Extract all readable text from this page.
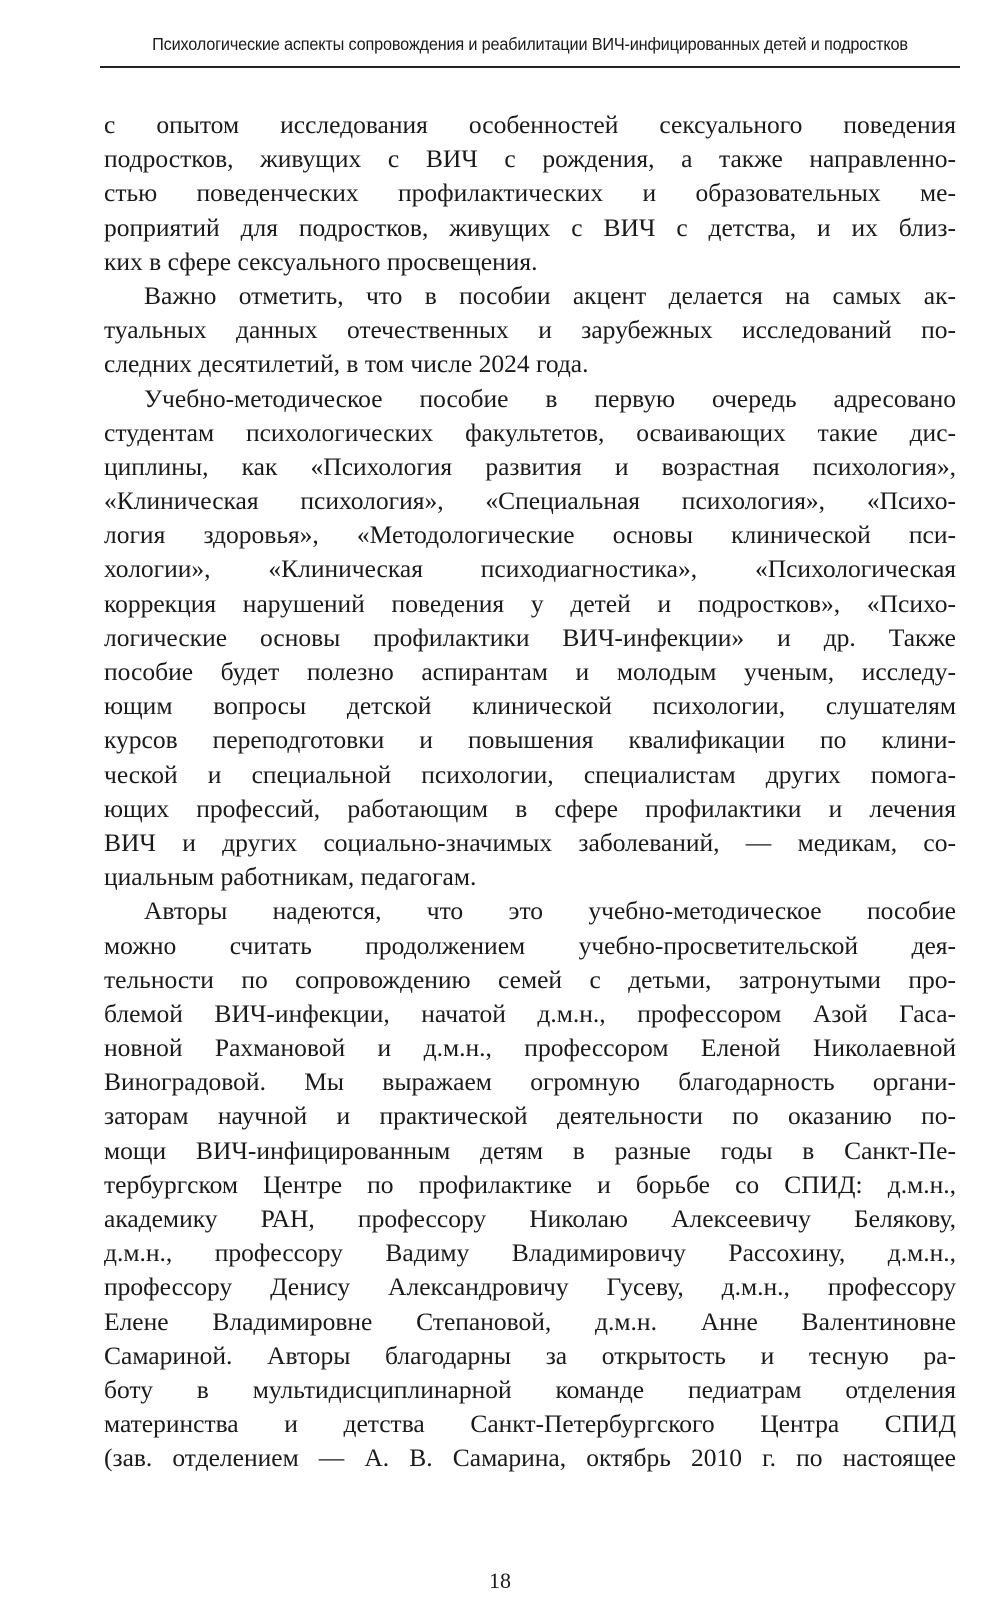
Психологические аспекты сопровождения и реабилитации ВИЧ-инфицированных детей и подростков
с опытом исследования особенностей сексуального поведения
подростков, живущих с ВИЧ с рождения, а также направленно-
стью поведенческих профилактических и образовательных ме-
роприятий для подростков, живущих с ВИЧ с детства, и их близ-
ких в сфере сексуального просвещения.
Важно отметить, что в пособии акцент делается на самых ак-
туальных данных отечественных и зарубежных исследований по-
следних десятилетий, в том числе 2024 года.
Учебно-методическое пособие в первую очередь адресовано
студентам психологических факультетов, осваивающих такие дис-
циплины, как «Психология развития и возрастная психология»,
«Клиническая психология», «Специальная психология», «Психо-
логия здоровья», «Методологические основы клинической пси-
хологии», «Клиническая психодиагностика», «Психологическая
коррекция нарушений поведения у детей и подростков», «Психо-
логические основы профилактики ВИЧ-инфекции» и др. Также
пособие будет полезно аспирантам и молодым ученым, исследу-
ющим вопросы детской клинической психологии, слушателям
курсов переподготовки и повышения квалификации по клини-
ческой и специальной психологии, специалистам других помога-
ющих профессий, работающим в сфере профилактики и лечения
ВИЧ и других социально-значимых заболеваний, — медикам, со-
циальным работникам, педагогам.
Авторы надеются, что это учебно-методическое пособие
можно считать продолжением учебно-просветительской дея-
тельности по сопровождению семей с детьми, затронутыми про-
блемой ВИЧ-инфекции, начатой д.м.н., профессором Азой Гаса-
новной Рахмановой и д.м.н., профессором Еленой Николаевной
Виноградовой. Мы выражаем огромную благодарность органи-
заторам научной и практической деятельности по оказанию по-
мощи ВИЧ-инфицированным детям в разные годы в Санкт-Пе-
тербургском Центре по профилактике и борьбе со СПИД: д.м.н.,
академику РАН, профессору Николаю Алексеевичу Белякову,
д.м.н., профессору Вадиму Владимировичу Рассохину, д.м.н.,
профессору Денису Александровичу Гусеву, д.м.н., профессору
Елене Владимировне Степановой, д.м.н. Анне Валентиновне
Самариной. Авторы благодарны за открытость и тесную ра-
боту в мультидисциплинарной команде педиатрам отделения
материнства и детства Санкт-Петербургского Центра СПИД
(зав. отделением — А. В. Самарина, октябрь 2010 г. по настоящее
18
